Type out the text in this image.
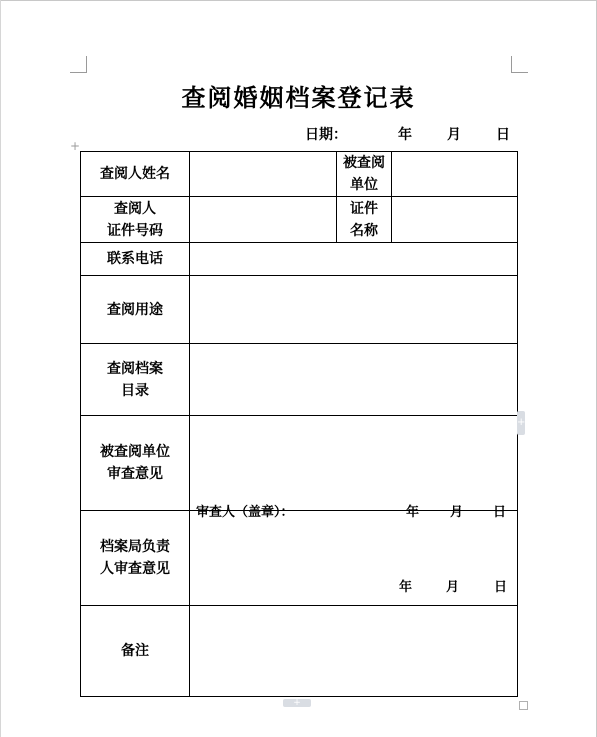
查阅婚姻档案登记表
日期：	年	月	日
+
查阅人姓名		被查阅单位	

查阅人
证件号码		证件
名称	

联系电话			
查阅用途			

查阅档案
目录			

被查阅单位
审查意见	审查人（盖章）： 年 月 日		

档案局负责
人审查意见	年 月 日		

备注			
+
+
